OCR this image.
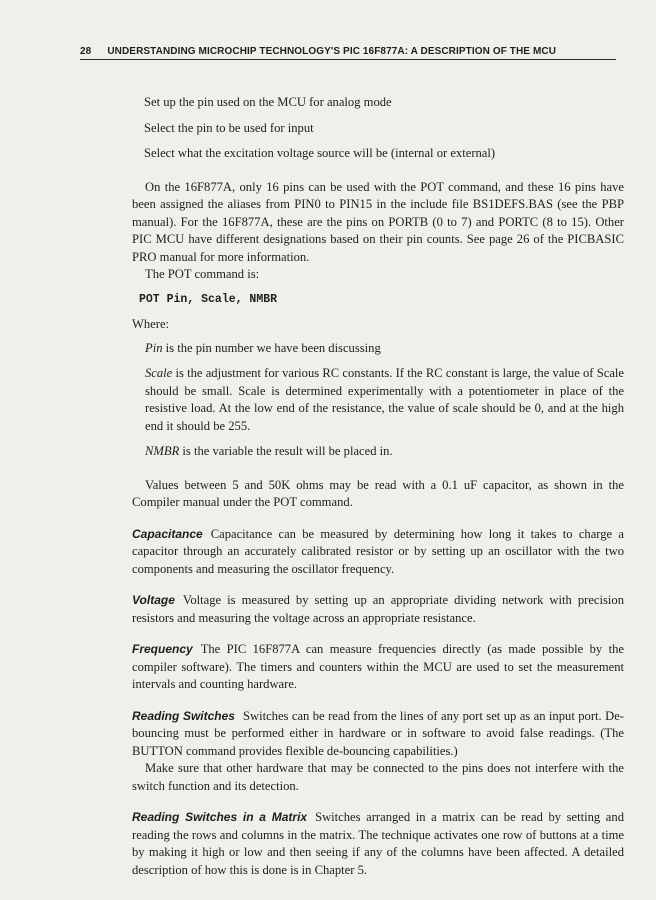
28 UNDERSTANDING MICROCHIP TECHNOLOGY'S PIC 16F877A: A DESCRIPTION OF THE MCU

Set up the pin used on the MCU for analog mode

Select the pin to be used for input

Select what the excitation voltage source will be (internal or external)

On the 16F877A, only 16 pins can be used with the POT command, and these 16 pins have been assigned the aliases from PIN0 to PIN15 in the include file BS1DEFS.BAS (see the PBP manual). For the 16F877A, these are the pins on PORTB (0 to 7) and PORTC (8 to 15). Other PIC MCU have different designations based on their pin counts. See page 26 of the PICBASIC PRO manual for more information.

The POT command is:

POT Pin, Scale, NMBR

Where:

Pin is the pin number we have been discussing

Scale is the adjustment for various RC constants. If the RC constant is large, the value of Scale should be small. Scale is determined experimentally with a potentiometer in place of the resistive load. At the low end of the resistance, the value of scale should be 0, and at the high end it should be 255.

NMBR is the variable the result will be placed in.

Values between 5 and 50K ohms may be read with a 0.1 uF capacitor, as shown in the Compiler manual under the POT command.

Capacitance Capacitance can be measured by determining how long it takes to charge a capacitor through an accurately calibrated resistor or by setting up an oscillator with the two components and measuring the oscillator frequency.

Voltage Voltage is measured by setting up an appropriate dividing network with precision resistors and measuring the voltage across an appropriate resistance.

Frequency The PIC 16F877A can measure frequencies directly (as made possible by the compiler software). The timers and counters within the MCU are used to set the measurement intervals and counting hardware.

Reading Switches Switches can be read from the lines of any port set up as an input port. De-bouncing must be performed either in hardware or in software to avoid false readings. (The BUTTON command provides flexible de-bouncing capabilities.)

Make sure that other hardware that may be connected to the pins does not interfere with the switch function and its detection.

Reading Switches in a Matrix Switches arranged in a matrix can be read by setting and reading the rows and columns in the matrix. The technique activates one row of buttons at a time by making it high or low and then seeing if any of the columns have been affected. A detailed description of how this is done is in Chapter 5.
